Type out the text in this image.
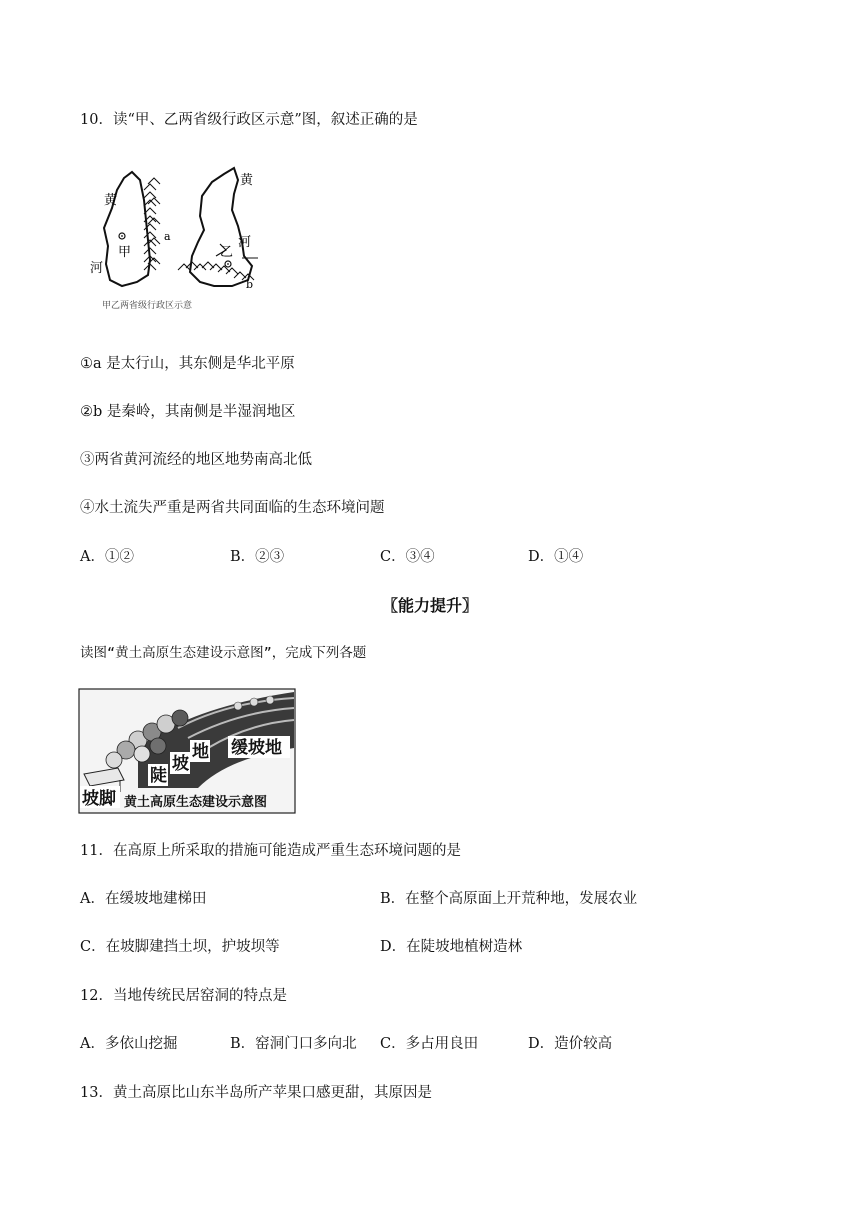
10．读“甲、乙两省级行政区示意”图，叙述正确的是
黄
河
甲
a
黄
河
乙
b
甲乙两省级行政区示意
①a 是太行山，其东侧是华北平原
②b 是秦岭，其南侧是半湿润地区
③两省黄河流经的地区地势南高北低
④水土流失严重是两省共同面临的生态环境问题
A．①②	B．②③	C．③④	D．①④
〖能力提升〗
读图“黄土高原生态建设示意图”，完成下列各题
缓坡地
陡
坡
地
坡脚 黄土高原生态建设示意图
11．在高原上所采取的措施可能造成严重生态环境问题的是
A．在缓坡地建梯田	B．在整个高原面上开荒种地，发展农业
C．在坡脚建挡土坝，护坡坝等	D．在陡坡地植树造林
12．当地传统民居窑洞的特点是
A．多依山挖掘	B．窑洞门口多向北 C．多占用良田	D．造价较高
13．黄土高原比山东半岛所产苹果口感更甜，其原因是
